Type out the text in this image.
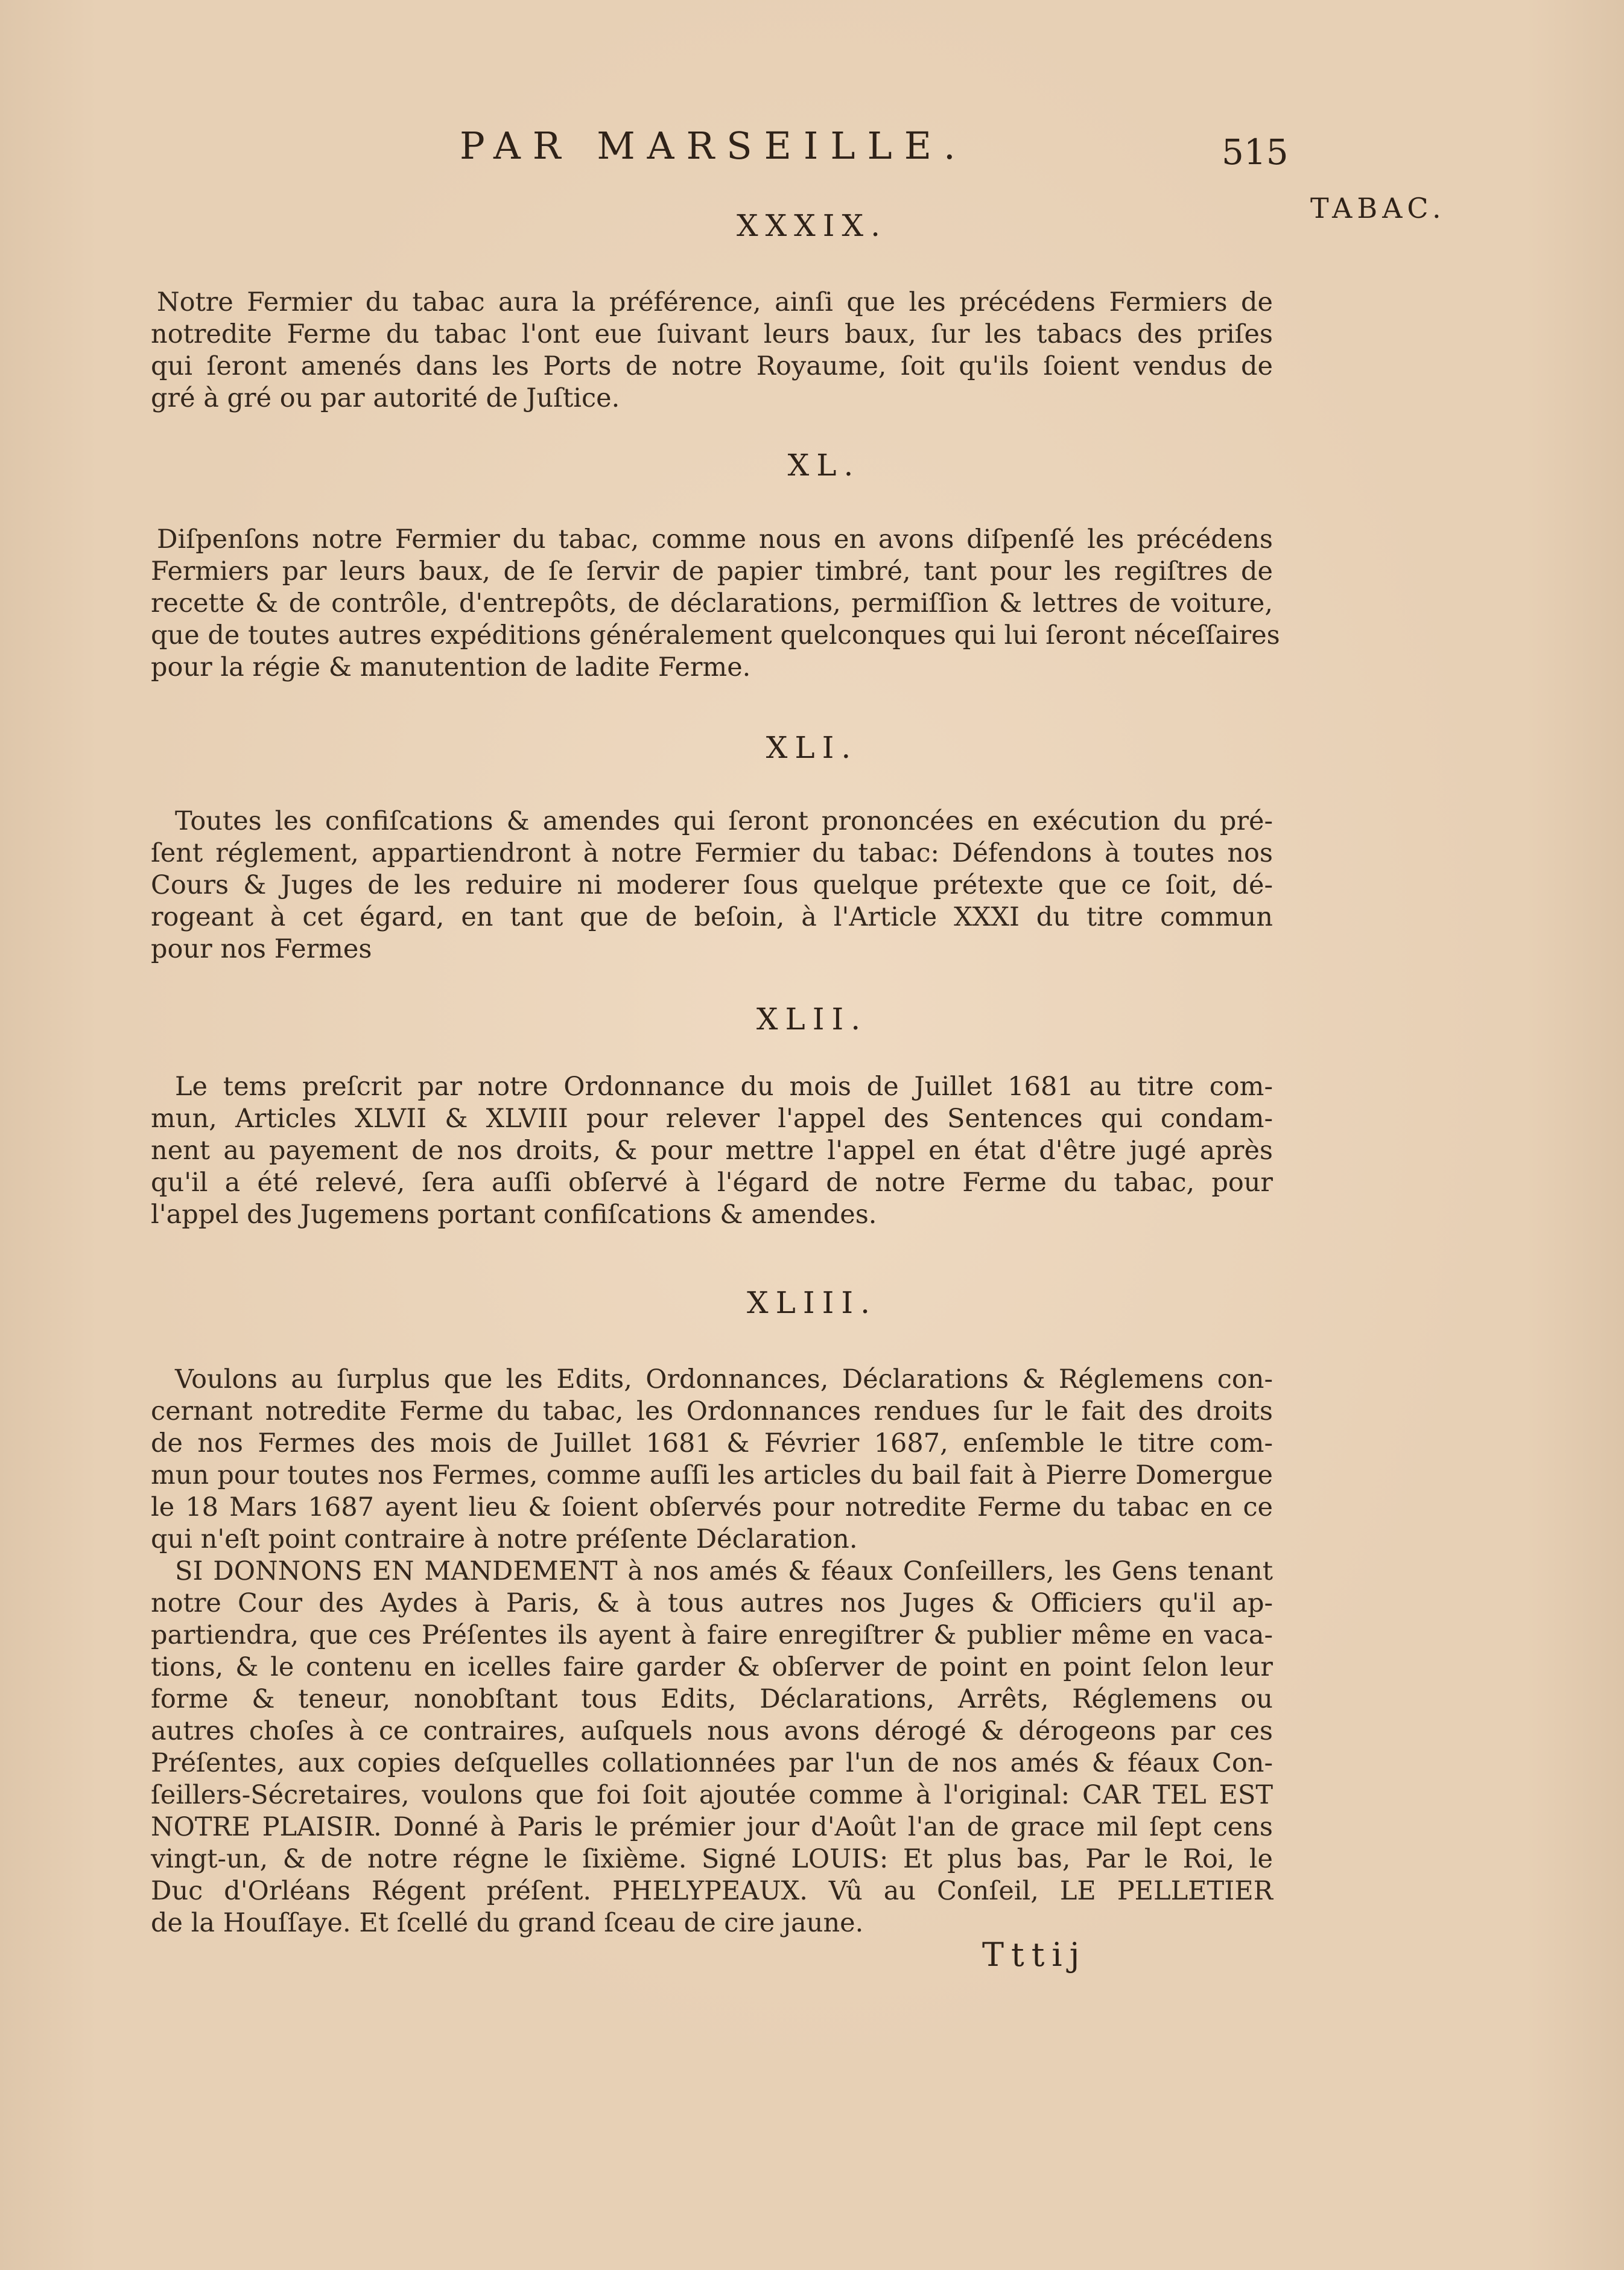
PAR MARSEILLE.	515
TABAC.
XXXIX.
Notre Fermier du tabac aura la préférence, ainſi que les précédens Fermiers de
notredite Ferme du tabac l'ont eue ſuivant leurs baux, ſur les tabacs des priſes
qui ſeront amenés dans les Ports de notre Royaume, ſoit qu'ils ſoient vendus de
gré à gré ou par autorité de Juſtice.
XL.
Diſpenſons notre Fermier du tabac, comme nous en avons diſpenſé les précédens
Fermiers par leurs baux, de ſe ſervir de papier timbré, tant pour les regiſtres de
recette & de contrôle, d'entrepôts, de déclarations, permiſſion & lettres de voiture,
que de toutes autres expéditions généralement quelconques qui lui ſeront néceſſaires
pour la régie & manutention de ladite Ferme.
XLI.
Toutes les confiſcations & amendes qui ſeront prononcées en exécution du pré-
ſent réglement, appartiendront à notre Fermier du tabac: Défendons à toutes nos
Cours & Juges de les reduire ni moderer ſous quelque prétexte que ce ſoit, dé-
rogeant à cet égard, en tant que de beſoin, à l'Article XXXI du titre commun
pour nos Fermes
XLII.
Le tems preſcrit par notre Ordonnance du mois de Juillet 1681 au titre com-
mun, Articles XLVII & XLVIII pour relever l'appel des Sentences qui condam-
nent au payement de nos droits, & pour mettre l'appel en état d'être jugé après
qu'il a été relevé, ſera auſſi obſervé à l'égard de notre Ferme du tabac, pour
l'appel des Jugemens portant confiſcations & amendes.
XLIII.
Voulons au ſurplus que les Edits, Ordonnances, Déclarations & Réglemens con-
cernant notredite Ferme du tabac, les Ordonnances rendues ſur le fait des droits
de nos Fermes des mois de Juillet 1681 & Février 1687, enſemble le titre com-
mun pour toutes nos Fermes, comme auſſi les articles du bail fait à Pierre Domergue
le 18 Mars 1687 ayent lieu & ſoient obſervés pour notredite Ferme du tabac en ce
qui n'eſt point contraire à notre préſente Déclaration.
SI DONNONS EN MANDEMENT à nos amés & féaux Conſeillers, les Gens tenant
notre Cour des Aydes à Paris, & à tous autres nos Juges & Officiers qu'il ap-
partiendra, que ces Préſentes ils ayent à faire enregiſtrer & publier même en vaca-
tions, & le contenu en icelles faire garder & obſerver de point en point ſelon leur
forme & teneur, nonobſtant tous Edits, Déclarations, Arrêts, Réglemens ou
autres choſes à ce contraires, auſquels nous avons dérogé & dérogeons par ces
Préſentes, aux copies deſquelles collationnées par l'un de nos amés & féaux Con-
ſeillers-Sécretaires, voulons que foi ſoit ajoutée comme à l'original: CAR TEL EST
NOTRE PLAISIR. Donné à Paris le prémier jour d'Août l'an de grace mil ſept cens
vingt-un, & de notre régne le ſixième. Signé LOUIS: Et plus bas, Par le Roi, le
Duc d'Orléans Régent préſent. PHELYPEAUX. Vû au Conſeil, LE PELLETIER
de la Houſſaye. Et ſcellé du grand ſceau de cire jaune.
Tttij
